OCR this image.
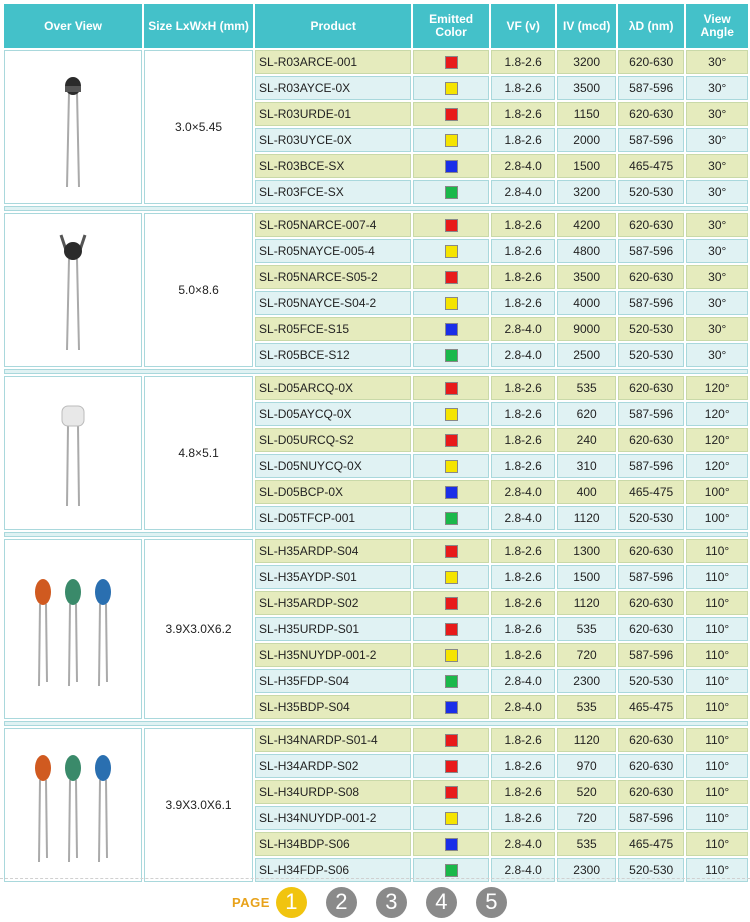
Over View	Size LxWxH (mm)	Product	Emitted Color	VF (v)	IV (mcd)	λD (nm)	View Angle

	3.0×5.45	SL-R03ARCE-001		1.8-2.6	3200	620-630	30°
		SL-R03AYCE-0X		1.8-2.6	3500	587-596	30°
		SL-R03URDE-01		1.8-2.6	1150	620-630	30°
		SL-R03UYCE-0X		1.8-2.6	2000	587-596	30°
		SL-R03BCE-SX		2.8-4.0	1500	465-475	30°
		SL-R03FCE-SX		2.8-4.0	3200	520-530	30°

	5.0×8.6	SL-R05NARCE-007-4		1.8-2.6	4200	620-630	30°
		SL-R05NAYCE-005-4		1.8-2.6	4800	587-596	30°
		SL-R05NARCE-S05-2		1.8-2.6	3500	620-630	30°
		SL-R05NAYCE-S04-2		1.8-2.6	4000	587-596	30°
		SL-R05FCE-S15		2.8-4.0	9000	520-530	30°
		SL-R05BCE-S12		2.8-4.0	2500	520-530	30°

	4.8×5.1	SL-D05ARCQ-0X		1.8-2.6	535	620-630	120°
		SL-D05AYCQ-0X		1.8-2.6	620	587-596	120°
		SL-D05URCQ-S2		1.8-2.6	240	620-630	120°
		SL-D05NUYCQ-0X		1.8-2.6	310	587-596	120°
		SL-D05BCP-0X		2.8-4.0	400	465-475	100°
		SL-D05TFCP-001		2.8-4.0	1120	520-530	100°

	3.9X3.0X6.2	SL-H35ARDP-S04		1.8-2.6	1300	620-630	110°
		SL-H35AYDP-S01		1.8-2.6	1500	587-596	110°
		SL-H35ARDP-S02		1.8-2.6	1120	620-630	110°
		SL-H35URDP-S01		1.8-2.6	535	620-630	110°
		SL-H35NUYDP-001-2		1.8-2.6	720	587-596	110°
		SL-H35FDP-S04		2.8-4.0	2300	520-530	110°
		SL-H35BDP-S04		2.8-4.0	535	465-475	110°

	3.9X3.0X6.1	SL-H34NARDP-S01-4		1.8-2.6	1120	620-630	110°
		SL-H34ARDP-S02		1.8-2.6	970	620-630	110°
		SL-H34URDP-S08		1.8-2.6	520	620-630	110°
		SL-H34NUYDP-001-2		1.8-2.6	720	587-596	110°
		SL-H34BDP-S06		2.8-4.0	535	465-475	110°
		SL-H34FDP-S06		2.8-4.0	2300	520-530	110°
PAGE 1	2	3	4	5
